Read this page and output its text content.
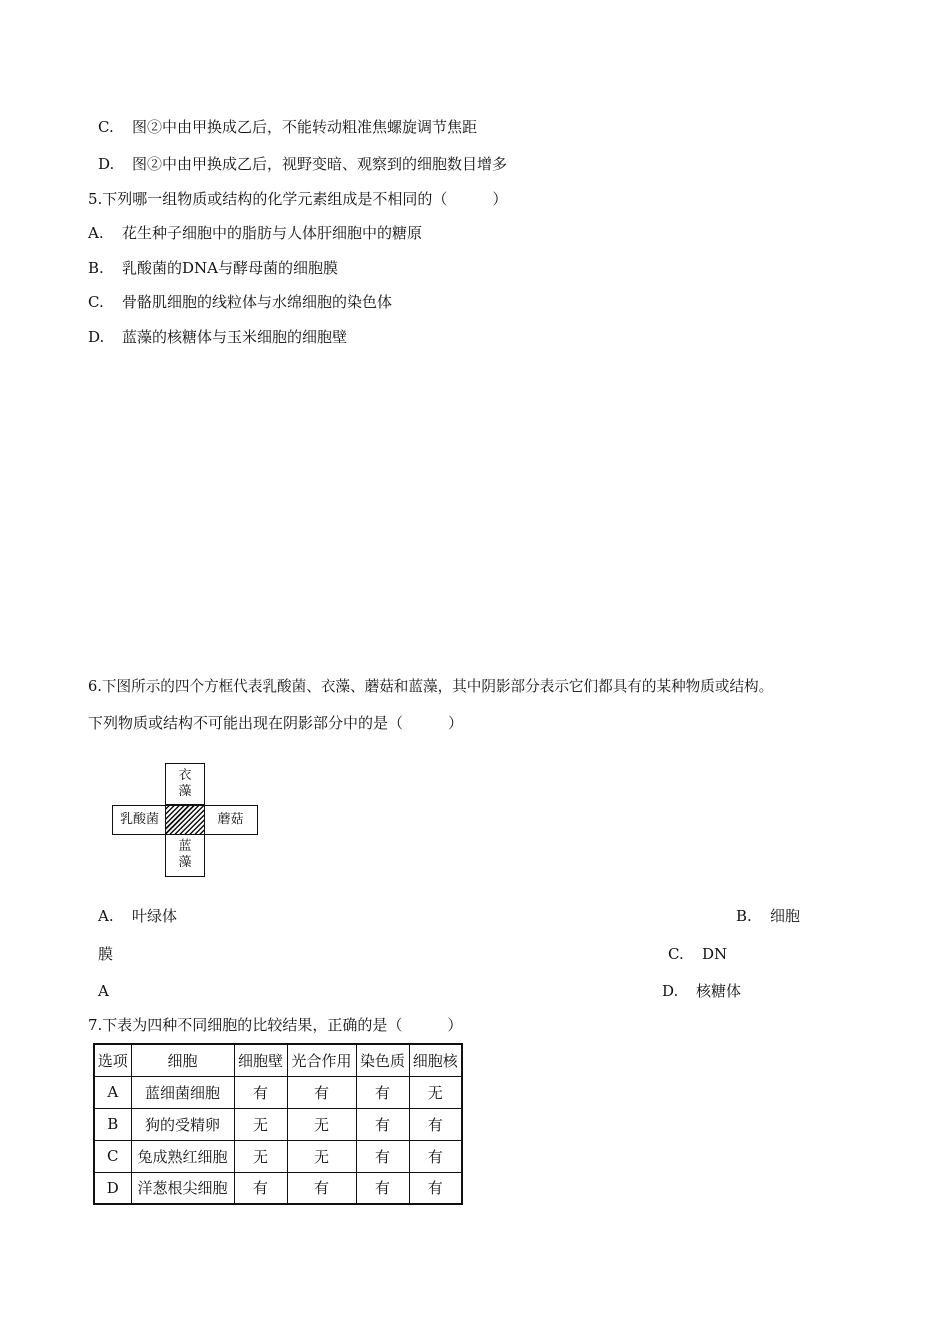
C. 图②中由甲换成乙后，不能转动粗准焦螺旋调节焦距
D. 图②中由甲换成乙后，视野变暗、观察到的细胞数目增多
5.下列哪一组物质或结构的化学元素组成是不相同的（　　　）
A. 花生种子细胞中的脂肪与人体肝细胞中的糖原
B. 乳酸菌的DNA与酵母菌的细胞膜
C. 骨骼肌细胞的线粒体与水绵细胞的染色体
D. 蓝藻的核糖体与玉米细胞的细胞壁
6.下图所示的四个方框代表乳酸菌、衣藻、蘑菇和蓝藻，其中阴影部分表示它们都具有的某种物质或结构。
下列物质或结构不可能出现在阴影部分中的是（　　　）
衣
藻
乳酸菌	蘑菇
蓝
藻
A. 叶绿体	B. 细胞
膜	C. DN
A	D. 核糖体
7.下表为四种不同细胞的比较结果，正确的是（　　　）
选项	细胞	细胞壁	光合作用	染色质	细胞核
A	蓝细菌细胞	有	有	有	无
B	狗的受精卵	无	无	有	有
C	兔成熟红细胞	无	无	有	有
D	洋葱根尖细胞	有	有	有	有
